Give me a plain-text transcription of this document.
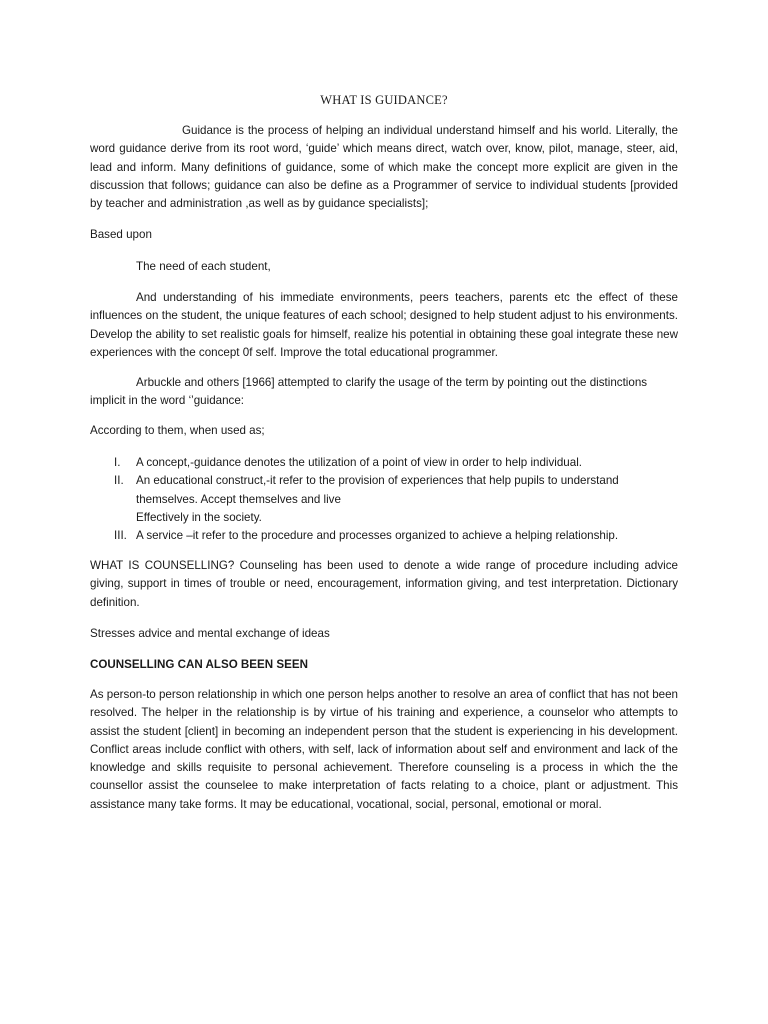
WHAT IS GUIDANCE?

Guidance is the process of helping an individual understand himself and his world. Literally, the word guidance derive from its root word, ‘guide’ which means direct, watch over, know, pilot, manage, steer, aid, lead and inform. Many definitions of guidance, some of which make the concept more explicit are given in the discussion that follows; guidance can also be define as a Programmer of service to individual students [provided by teacher and administration ,as well as by guidance specialists];

Based upon

The need of each student,

And understanding of his immediate environments, peers teachers, parents etc the effect of these influences on the student, the unique features of each school; designed to help student adjust to his environments. Develop the ability to set realistic goals for himself, realize his potential in obtaining these goal integrate these new experiences with the concept 0f self. Improve the total educational programmer.

Arbuckle and others [1966] attempted to clarify the usage of the term by pointing out the distinctions implicit in the word ‘’guidance:

According to them, when used as;

I.	A concept,-guidance denotes the utilization of a point of view in order to help individual.
II.	An educational construct,-it refer to the provision of experiences that help pupils to understand themselves. Accept themselves and live
Effectively in the society.
III. A service –it refer to the procedure and processes organized to achieve a helping relationship.

WHAT IS COUNSELLING? Counseling has been used to denote a wide range of procedure including advice giving, support in times of trouble or need, encouragement, information giving, and test interpretation. Dictionary definition.

Stresses advice and mental exchange of ideas

COUNSELLING CAN ALSO BEEN SEEN

As person-to person relationship in which one person helps another to resolve an area of conflict that has not been resolved. The helper in the relationship is by virtue of his training and experience, a counselor who attempts to assist the student [client] in becoming an independent person that the student is experiencing in his development. Conflict areas include conflict with others, with self, lack of information about self and environment and lack of the knowledge and skills requisite to personal achievement. Therefore counseling is a process in which the the counsellor assist the counselee to make interpretation of facts relating to a choice, plant or adjustment. This assistance many take forms. It may be educational, vocational, social, personal, emotional or moral.
